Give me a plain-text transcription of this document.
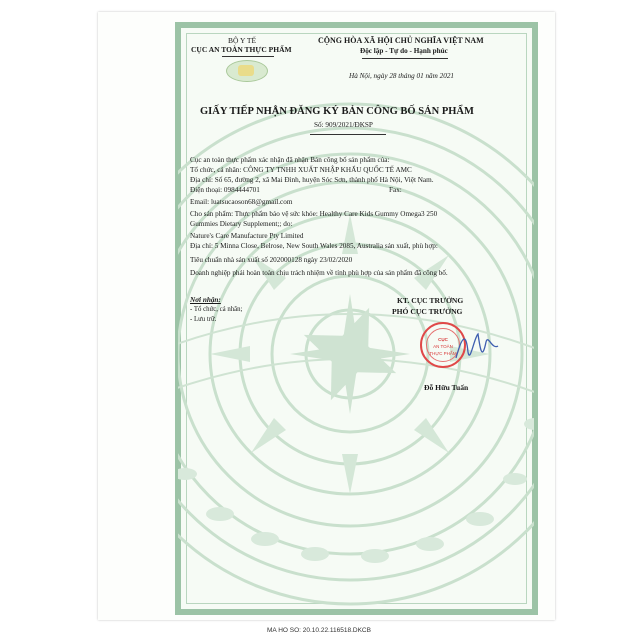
BỘ Y TẾ
CỤC AN TOÀN THỰC PHẨM
CỘNG HÒA XÃ HỘI CHỦ NGHĨA VIỆT NAM
Độc lập - Tự do - Hạnh phúc
Hà Nội, ngày 28 tháng 01 năm 2021
GIẤY TIẾP NHẬN ĐĂNG KÝ BẢN CÔNG BỐ SẢN PHẨM
Số: 909/2021/ĐKSP
Cục an toàn thực phẩm xác nhận đã nhận Bản công bố sản phẩm của:
Tổ chức, cá nhân: CÔNG TY TNHH XUẤT NHẬP KHẨU QUỐC TẾ AMC
Địa chỉ: Số 65, đường 2, xã Mai Đình, huyện Sóc Sơn, thành phố Hà Nội, Việt Nam.
Điện thoại: 0984444701	Fax:
Email: luatsucaoson68@gmail.com
Cho sản phẩm: Thực phẩm bảo vệ sức khỏe: Healthy Care Kids Gummy Omega3 250
Gummies Dietary Supplement;; do:
Nature's Care Manufacture Pty Limited
Địa chỉ: 5 Minna Close, Belrose, New South Wales 2085, Australia sản xuất, phù hợp:
Tiêu chuẩn nhà sản xuất số 202000128 ngày 23/02/2020
Doanh nghiệp phải hoàn toàn chịu trách nhiệm về tính phù hợp của sản phẩm đã công bố.
Nơi nhận:
- Tổ chức, cá nhân;
- Lưu trữ.
KT. CỤC TRƯỞNG
PHÓ CỤC TRƯỞNG
CỤC
AN TOÀN
THỰC PHẨM
Đỗ Hữu Tuấn
MA HO SO: 20.10.22.116518.DKCB
